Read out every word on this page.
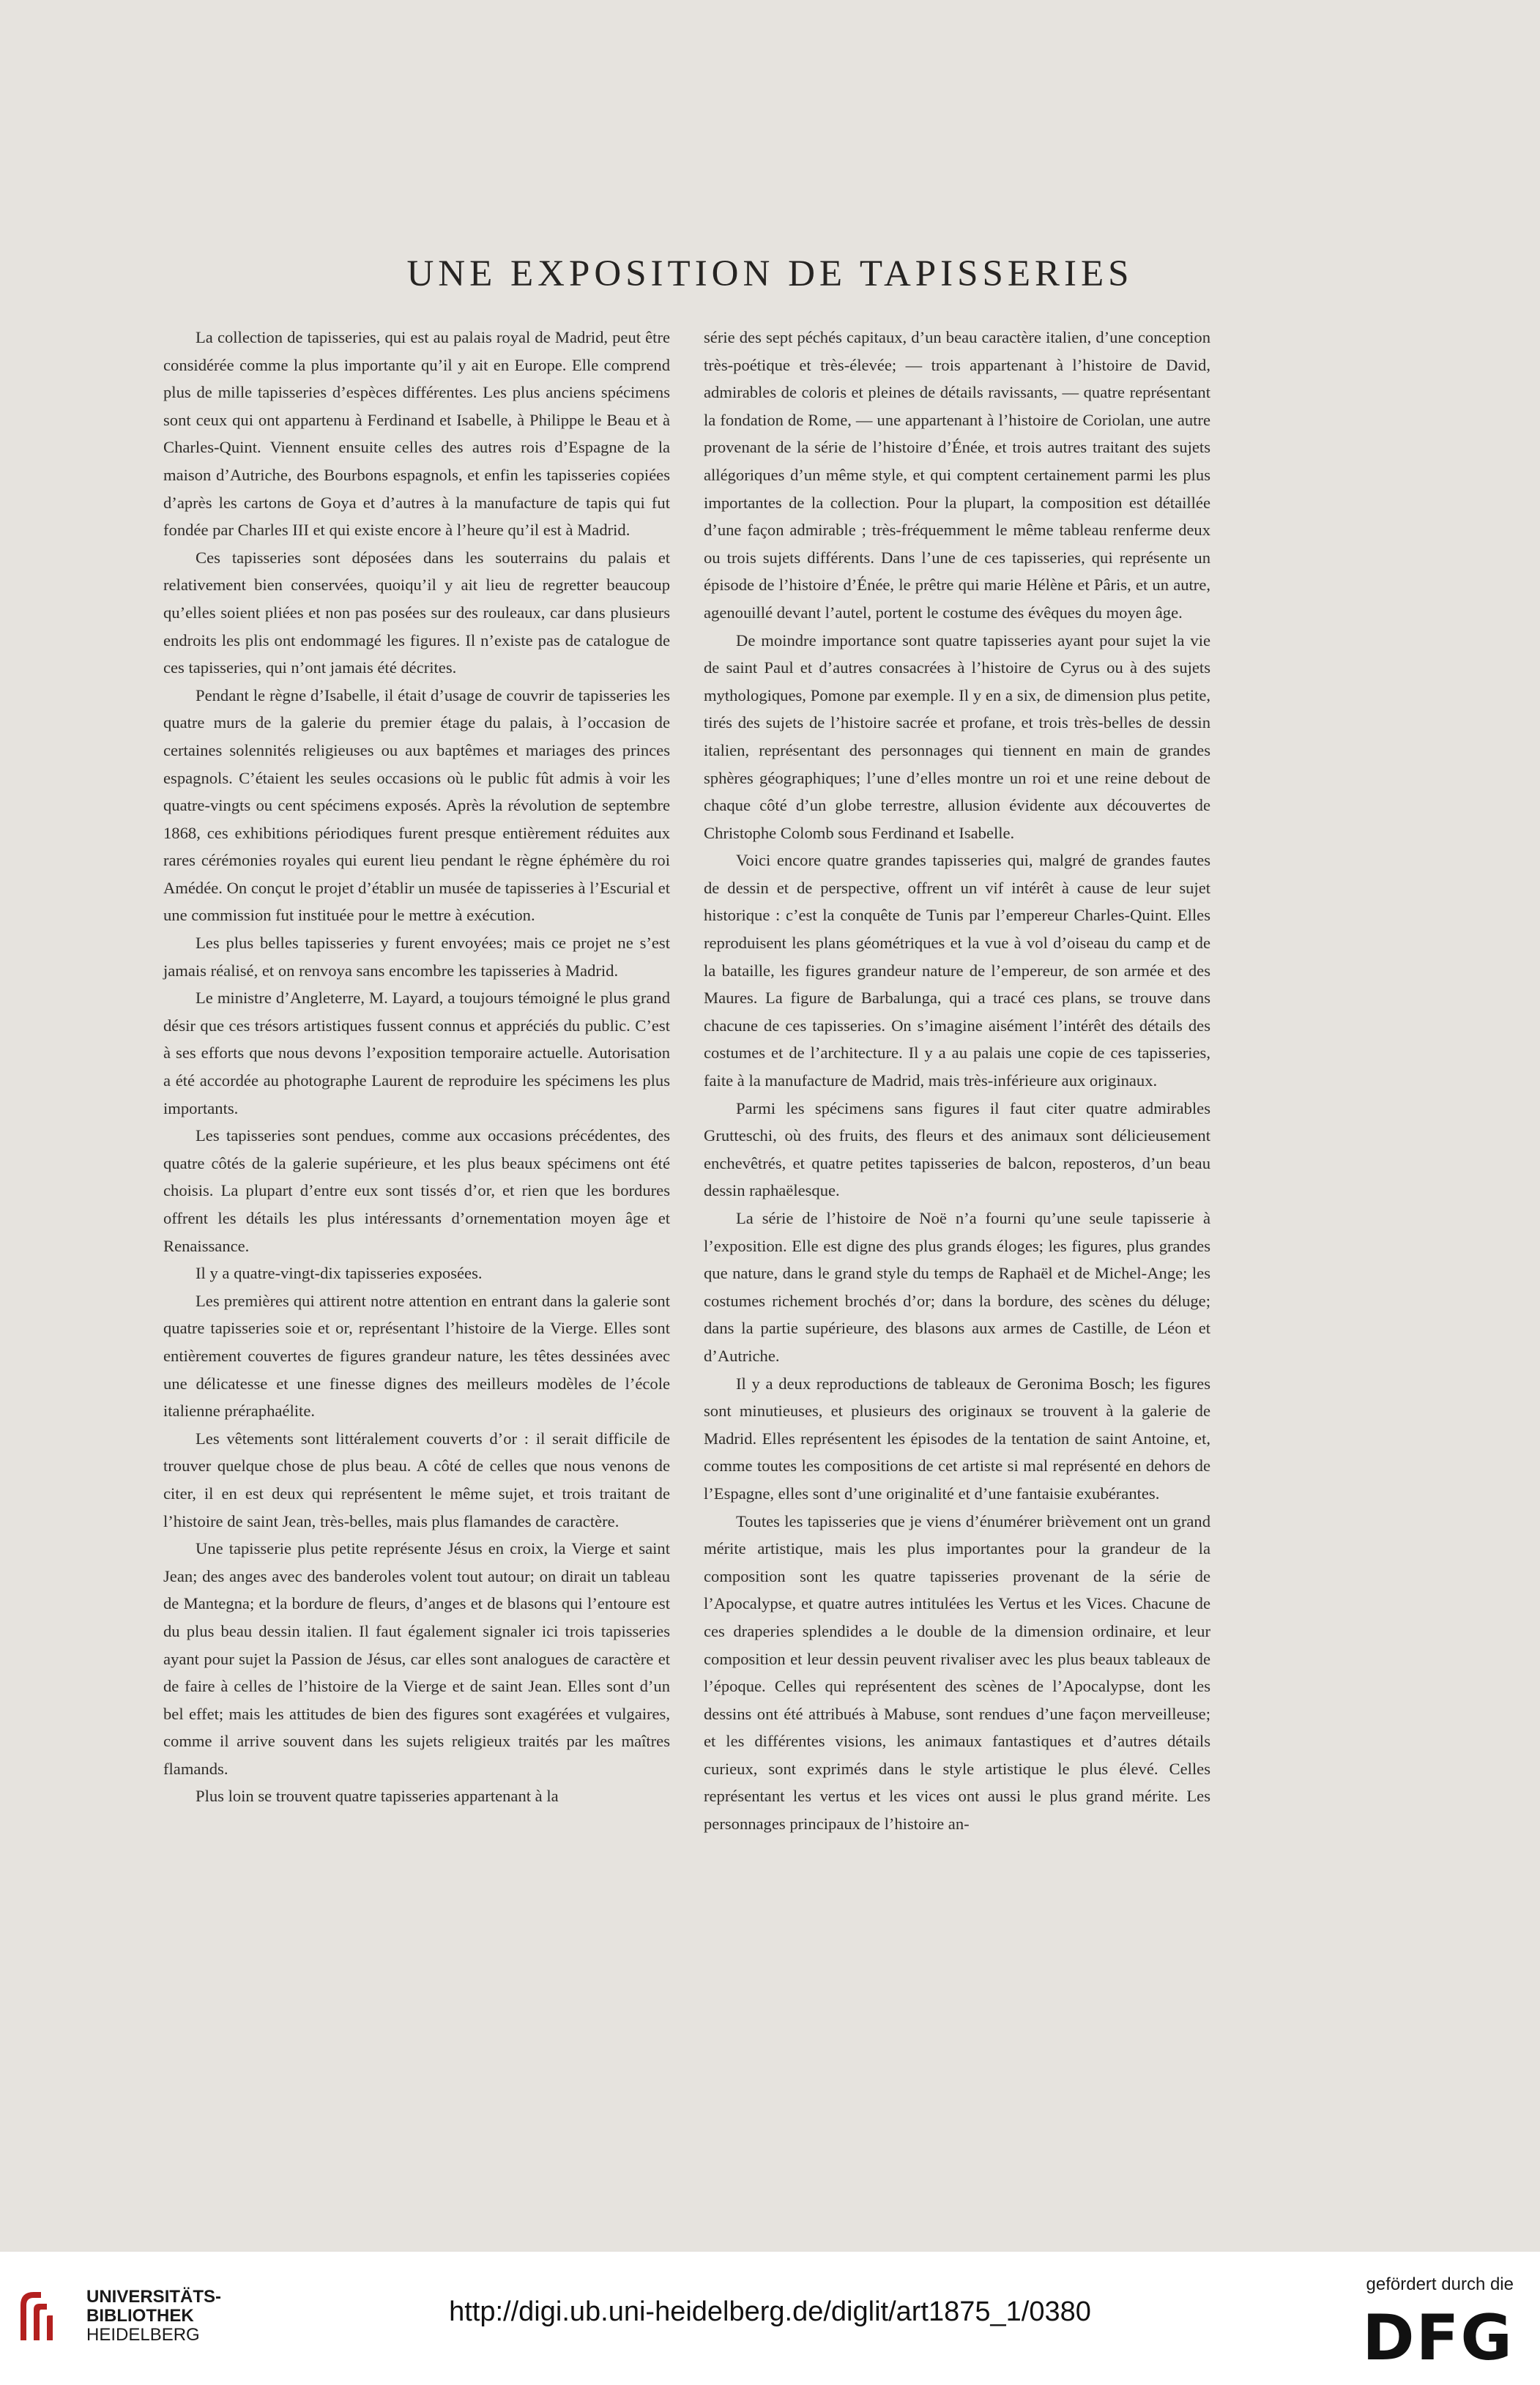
UNE EXPOSITION DE TAPISSERIES

La collection de tapisseries, qui est au palais royal de Madrid, peut être considérée comme la plus importante qu’il y ait en Europe. Elle comprend plus de mille tapisseries d’espèces différentes. Les plus anciens spécimens sont ceux qui ont appartenu à Ferdinand et Isabelle, à Philippe le Beau et à Charles-Quint. Viennent ensuite celles des autres rois d’Espagne de la maison d’Autriche, des Bourbons espagnols, et enfin les tapisseries copiées d’après les cartons de Goya et d’autres à la manufacture de tapis qui fut fondée par Charles III et qui existe encore à l’heure qu’il est à Madrid.

Ces tapisseries sont déposées dans les souterrains du palais et relativement bien conservées, quoiqu’il y ait lieu de regretter beaucoup qu’elles soient pliées et non pas posées sur des rouleaux, car dans plusieurs endroits les plis ont endommagé les figures. Il n’existe pas de catalogue de ces tapisseries, qui n’ont jamais été décrites.

Pendant le règne d’Isabelle, il était d’usage de couvrir de tapisseries les quatre murs de la galerie du premier étage du palais, à l’occasion de certaines solennités religieuses ou aux baptêmes et mariages des princes espagnols. C’étaient les seules occasions où le public fût admis à voir les quatre-vingts ou cent spécimens exposés. Après la révolution de septembre 1868, ces exhibitions périodiques furent presque entièrement réduites aux rares cérémonies royales qui eurent lieu pendant le règne éphémère du roi Amédée. On conçut le projet d’établir un musée de tapisseries à l’Escurial et une commission fut instituée pour le mettre à exécution.

Les plus belles tapisseries y furent envoyées; mais ce projet ne s’est jamais réalisé, et on renvoya sans encombre les tapisseries à Madrid.

Le ministre d’Angleterre, M. Layard, a toujours témoigné le plus grand désir que ces trésors artistiques fussent connus et appréciés du public. C’est à ses efforts que nous devons l’exposition temporaire actuelle. Autorisation a été accordée au photographe Laurent de reproduire les spécimens les plus importants.

Les tapisseries sont pendues, comme aux occasions précédentes, des quatre côtés de la galerie supérieure, et les plus beaux spécimens ont été choisis. La plupart d’entre eux sont tissés d’or, et rien que les bordures offrent les détails les plus intéressants d’ornementation moyen âge et Renaissance.

Il y a quatre-vingt-dix tapisseries exposées.

Les premières qui attirent notre attention en entrant dans la galerie sont quatre tapisseries soie et or, représentant l’histoire de la Vierge. Elles sont entièrement couvertes de figures grandeur nature, les têtes dessinées avec une délicatesse et une finesse dignes des meilleurs modèles de l’école italienne préraphaélite.

Les vêtements sont littéralement couverts d’or : il serait difficile de trouver quelque chose de plus beau. A côté de celles que nous venons de citer, il en est deux qui représentent le même sujet, et trois traitant de l’histoire de saint Jean, très-belles, mais plus flamandes de caractère.

Une tapisserie plus petite représente Jésus en croix, la Vierge et saint Jean; des anges avec des banderoles volent tout autour; on dirait un tableau de Mantegna; et la bordure de fleurs, d’anges et de blasons qui l’entoure est du plus beau dessin italien. Il faut également signaler ici trois tapisseries ayant pour sujet la Passion de Jésus, car elles sont analogues de caractère et de faire à celles de l’histoire de la Vierge et de saint Jean. Elles sont d’un bel effet; mais les attitudes de bien des figures sont exagérées et vulgaires, comme il arrive souvent dans les sujets religieux traités par les maîtres flamands.

Plus loin se trouvent quatre tapisseries appartenant à la

série des sept péchés capitaux, d’un beau caractère italien, d’une conception très-poétique et très-élevée; — trois appartenant à l’histoire de David, admirables de coloris et pleines de détails ravissants, — quatre représentant la fondation de Rome, — une appartenant à l’histoire de Coriolan, une autre provenant de la série de l’histoire d’Énée, et trois autres traitant des sujets allégoriques d’un même style, et qui comptent certainement parmi les plus importantes de la collection. Pour la plupart, la composition est détaillée d’une façon admirable ; très-fréquemment le même tableau renferme deux ou trois sujets différents. Dans l’une de ces tapisseries, qui représente un épisode de l’histoire d’Énée, le prêtre qui marie Hélène et Pâris, et un autre, agenouillé devant l’autel, portent le costume des évêques du moyen âge.

De moindre importance sont quatre tapisseries ayant pour sujet la vie de saint Paul et d’autres consacrées à l’histoire de Cyrus ou à des sujets mythologiques, Pomone par exemple. Il y en a six, de dimension plus petite, tirés des sujets de l’histoire sacrée et profane, et trois très-belles de dessin italien, représentant des personnages qui tiennent en main de grandes sphères géographiques; l’une d’elles montre un roi et une reine debout de chaque côté d’un globe terrestre, allusion évidente aux découvertes de Christophe Colomb sous Ferdinand et Isabelle.

Voici encore quatre grandes tapisseries qui, malgré de grandes fautes de dessin et de perspective, offrent un vif intérêt à cause de leur sujet historique : c’est la conquête de Tunis par l’empereur Charles-Quint. Elles reproduisent les plans géométriques et la vue à vol d’oiseau du camp et de la bataille, les figures grandeur nature de l’empereur, de son armée et des Maures. La figure de Barbalunga, qui a tracé ces plans, se trouve dans chacune de ces tapisseries. On s’imagine aisément l’intérêt des détails des costumes et de l’architecture. Il y a au palais une copie de ces tapisseries, faite à la manufacture de Madrid, mais très-inférieure aux originaux.

Parmi les spécimens sans figures il faut citer quatre admirables Grutteschi, où des fruits, des fleurs et des animaux sont délicieusement enchevêtrés, et quatre petites tapisseries de balcon, reposteros, d’un beau dessin raphaëlesque.

La série de l’histoire de Noë n’a fourni qu’une seule tapisserie à l’exposition. Elle est digne des plus grands éloges; les figures, plus grandes que nature, dans le grand style du temps de Raphaël et de Michel-Ange; les costumes richement brochés d’or; dans la bordure, des scènes du déluge; dans la partie supérieure, des blasons aux armes de Castille, de Léon et d’Autriche.

Il y a deux reproductions de tableaux de Geronima Bosch; les figures sont minutieuses, et plusieurs des originaux se trouvent à la galerie de Madrid. Elles représentent les épisodes de la tentation de saint Antoine, et, comme toutes les compositions de cet artiste si mal représenté en dehors de l’Espagne, elles sont d’une originalité et d’une fantaisie exubérantes.

Toutes les tapisseries que je viens d’énumérer brièvement ont un grand mérite artistique, mais les plus importantes pour la grandeur de la composition sont les quatre tapisseries provenant de la série de l’Apocalypse, et quatre autres intitulées les Vertus et les Vices. Chacune de ces draperies splendides a le double de la dimension ordinaire, et leur composition et leur dessin peuvent rivaliser avec les plus beaux tableaux de l’époque. Celles qui représentent des scènes de l’Apocalypse, dont les dessins ont été attribués à Mabuse, sont rendues d’une façon merveilleuse; et les différentes visions, les animaux fantastiques et d’autres détails curieux, sont exprimés dans le style artistique le plus élevé. Celles représentant les vertus et les vices ont aussi le plus grand mérite. Les personnages principaux de l’histoire an-

UNIVERSITÄTS-
BIBLIOTHEK
HEIDELBERG
http://digi.ub.uni-heidelberg.de/diglit/art1875_1/0380
gefördert durch die
DFG
